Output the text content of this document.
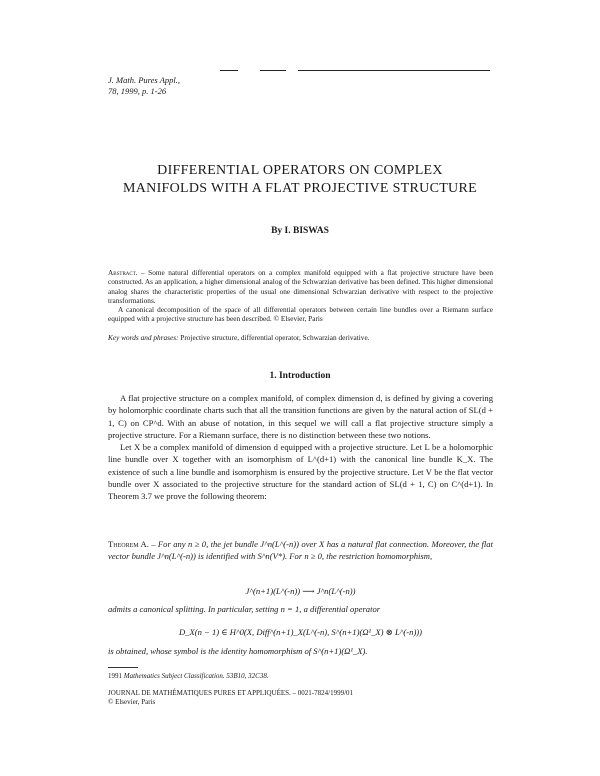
J. Math. Pures Appl.,
78, 1999, p. 1-26
DIFFERENTIAL OPERATORS ON COMPLEX
MANIFOLDS WITH A FLAT PROJECTIVE STRUCTURE
By I. BISWAS

Abstract. – Some natural differential operators on a complex manifold equipped with a flat projective structure have been constructed. As an application, a higher dimensional analog of the Schwarzian derivative has been defined. This higher dimensional analog shares the characteristic properties of the usual one dimensional Schwarzian derivative with respect to the projective transformations.

A canonical decomposition of the space of all differential operators between certain line bundles over a Riemann surface equipped with a projective structure has been described. © Elsevier, Paris

Key words and phrases: Projective structure, differential operator, Schwarzian derivative.
1. Introduction

A flat projective structure on a complex manifold, of complex dimension d, is defined by giving a covering by holomorphic coordinate charts such that all the transition functions are given by the natural action of SL(d + 1, C) on CP^d. With an abuse of notation, in this sequel we will call a flat projective structure simply a projective structure. For a Riemann surface, there is no distinction between these two notions.

Let X be a complex manifold of dimension d equipped with a projective structure. Let L be a holomorphic line bundle over X together with an isomorphism of L^(d+1) with the canonical line bundle K_X. The existence of such a line bundle and isomorphism is ensured by the projective structure. Let V be the flat vector bundle over X associated to the projective structure for the standard action of SL(d + 1, C) on C^(d+1). In Theorem 3.7 we prove the following theorem:

Theorem A. – For any n ≥ 0, the jet bundle J^n(L^(-n)) over X has a natural flat connection. Moreover, the flat vector bundle J^n(L^(-n)) is identified with S^n(V*). For n ≥ 0, the restriction homomorphism,
J^(n+1)(L^(-n)) ⟶ J^n(L^(-n))
admits a canonical splitting. In particular, setting n = 1, a differential operator
D_X(n − 1) ∈ H^0(X, Diff^(n+1)_X(L^(-n), S^(n+1)(Ω¹_X) ⊗ L^(-n)))
is obtained, whose symbol is the identity homomorphism of S^(n+1)(Ω¹_X).
1991 Mathematics Subject Classification. 53B10, 32C38.
JOURNAL DE MATHÉMATIQUES PURES ET APPLIQUÉES. – 0021-7824/1999/01
© Elsevier, Paris
